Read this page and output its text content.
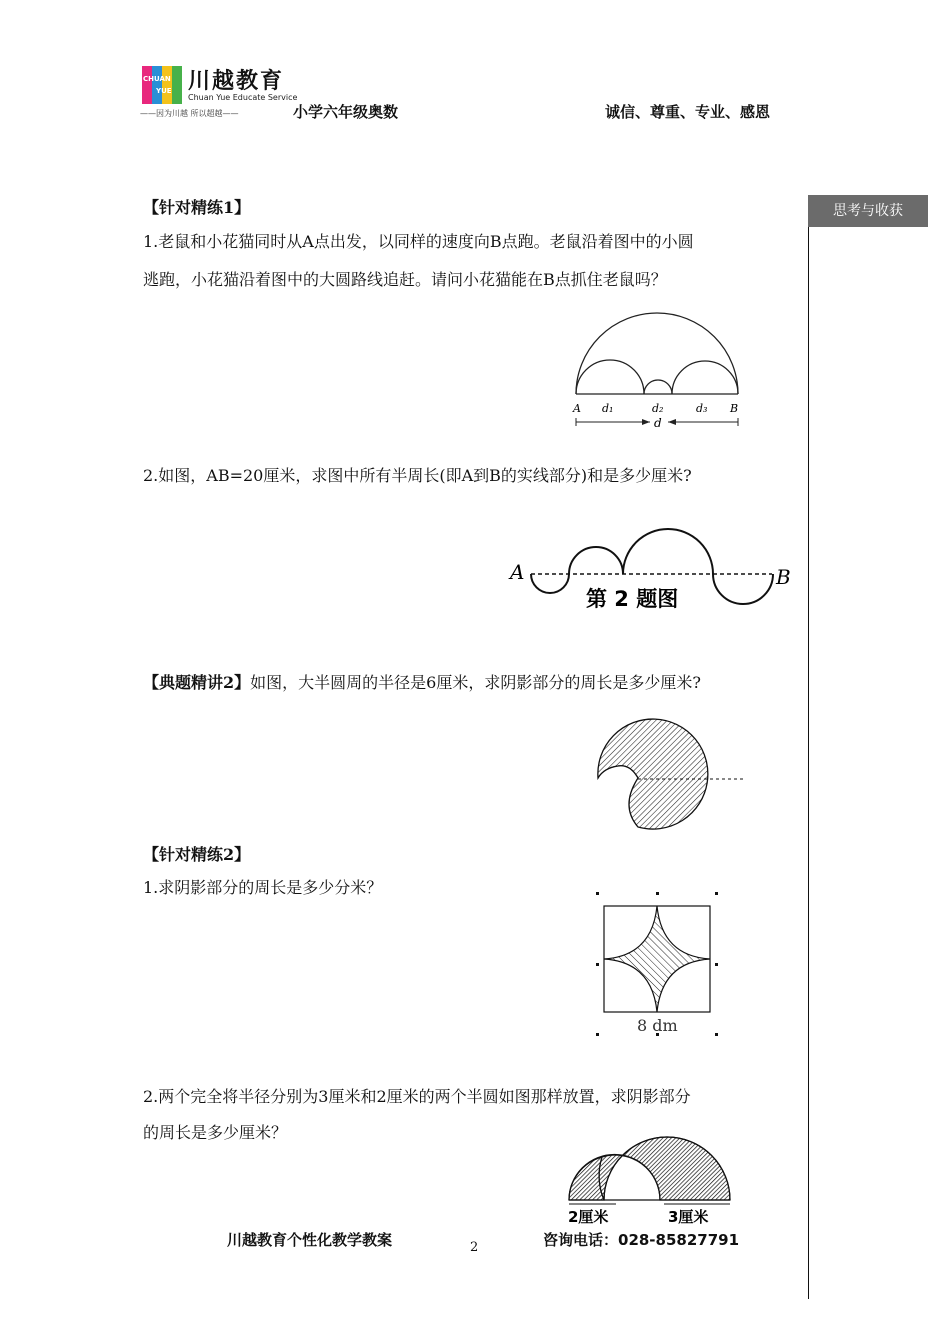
CHUAN
YUE 川越教育
Chuan Yue Educate Service
——因为川越 所以超越——	小学六年级奥数	诚信、尊重、专业、感恩
思考与收获
【针对精练1】
1.老鼠和小花猫同时从A点出发，以同样的速度向B点跑。老鼠沿着图中的小圆
逃跑，小花猫沿着图中的大圆路线追赶。请问小花猫能在B点抓住老鼠吗？
A d₁	d₂	d₃ B
d
2.如图，AB=20厘米，求图中所有半周长(即A到B的实线部分)和是多少厘米?
A	B
第 2 题图
【典题精讲2】如图，大半圆周的半径是6厘米，求阴影部分的周长是多少厘米?
【针对精练2】
1.求阴影部分的周长是多少分米？
8 dm
2.两个完全将半径分别为3厘米和2厘米的两个半圆如图那样放置，求阴影部分
的周长是多少厘米？
2厘米	3厘米
川越教育个性化教学教案	2	咨询电话：028-85827791
